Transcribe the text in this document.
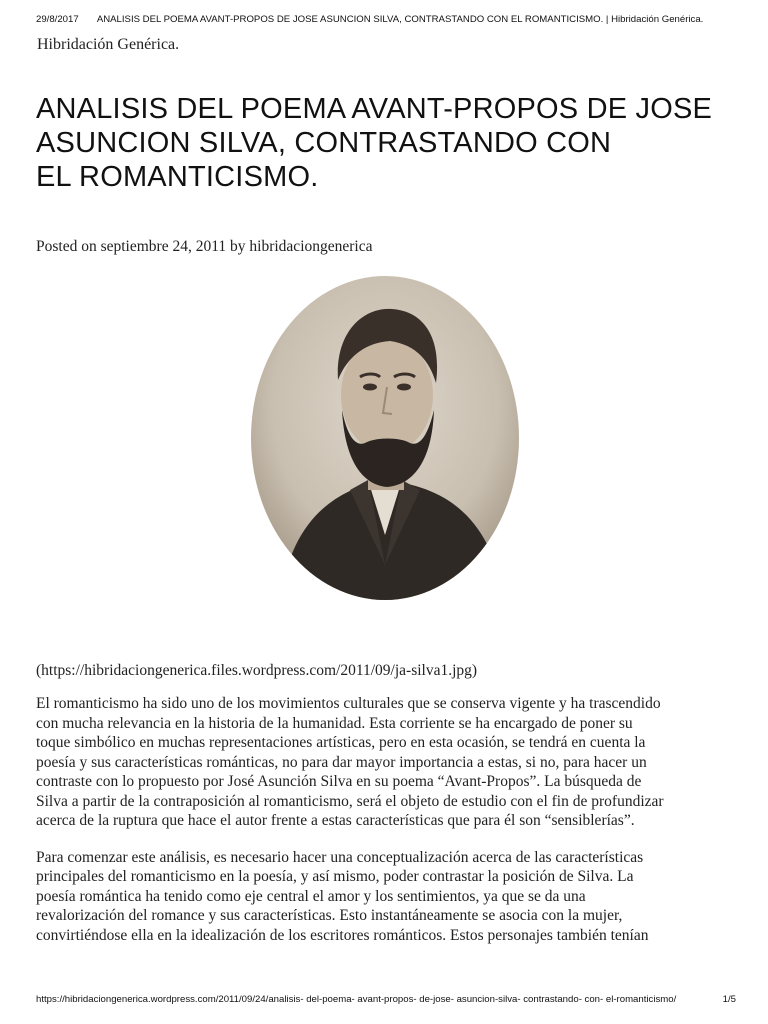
29/8/2017 ANALISIS DEL POEMA AVANT-PROPOS DE JOSE ASUNCION SILVA, CONTRASTANDO CON EL ROMANTICISMO. | Hibridación Genérica.
Hibridación Genérica.
ANALISIS DEL POEMA AVANT-PROPOS DE JOSE
ASUNCION SILVA, CONTRASTANDO CON
EL ROMANTICISMO.
Posted on septiembre 24, 2011 by hibridaciongenerica
(https://hibridaciongenerica.files.wordpress.com/2011/09/ja-silva1.jpg)

El romanticismo ha sido uno de los movimientos culturales que se conserva vigente y ha trascendido
con mucha relevancia en la historia de la humanidad. Esta corriente se ha encargado de poner su
toque simbólico en muchas representaciones artísticas, pero en esta ocasión, se tendrá en cuenta la
poesía y sus características románticas, no para dar mayor importancia a estas, si no, para hacer un
contraste con lo propuesto por José Asunción Silva en su poema “Avant-Propos”. La búsqueda de
Silva a partir de la contraposición al romanticismo, será el objeto de estudio con el fin de profundizar
acerca de la ruptura que hace el autor frente a estas características que para él son “sensiblerías”.

Para comenzar este análisis, es necesario hacer una conceptualización acerca de las características
principales del romanticismo en la poesía, y así mismo, poder contrastar la posición de Silva. La
poesía romántica ha tenido como eje central el amor y los sentimientos, ya que se da una
revalorización del romance y sus características. Esto instantáneamente se asocia con la mujer,
convirtiéndose ella en la idealización de los escritores románticos. Estos personajes también tenían

https://hibridaciongenerica.wordpress.com/2011/09/24/analisis- del-poema- avant-propos- de-jose- asuncion-silva- contrastando- con- el-romanticismo/	1/5
